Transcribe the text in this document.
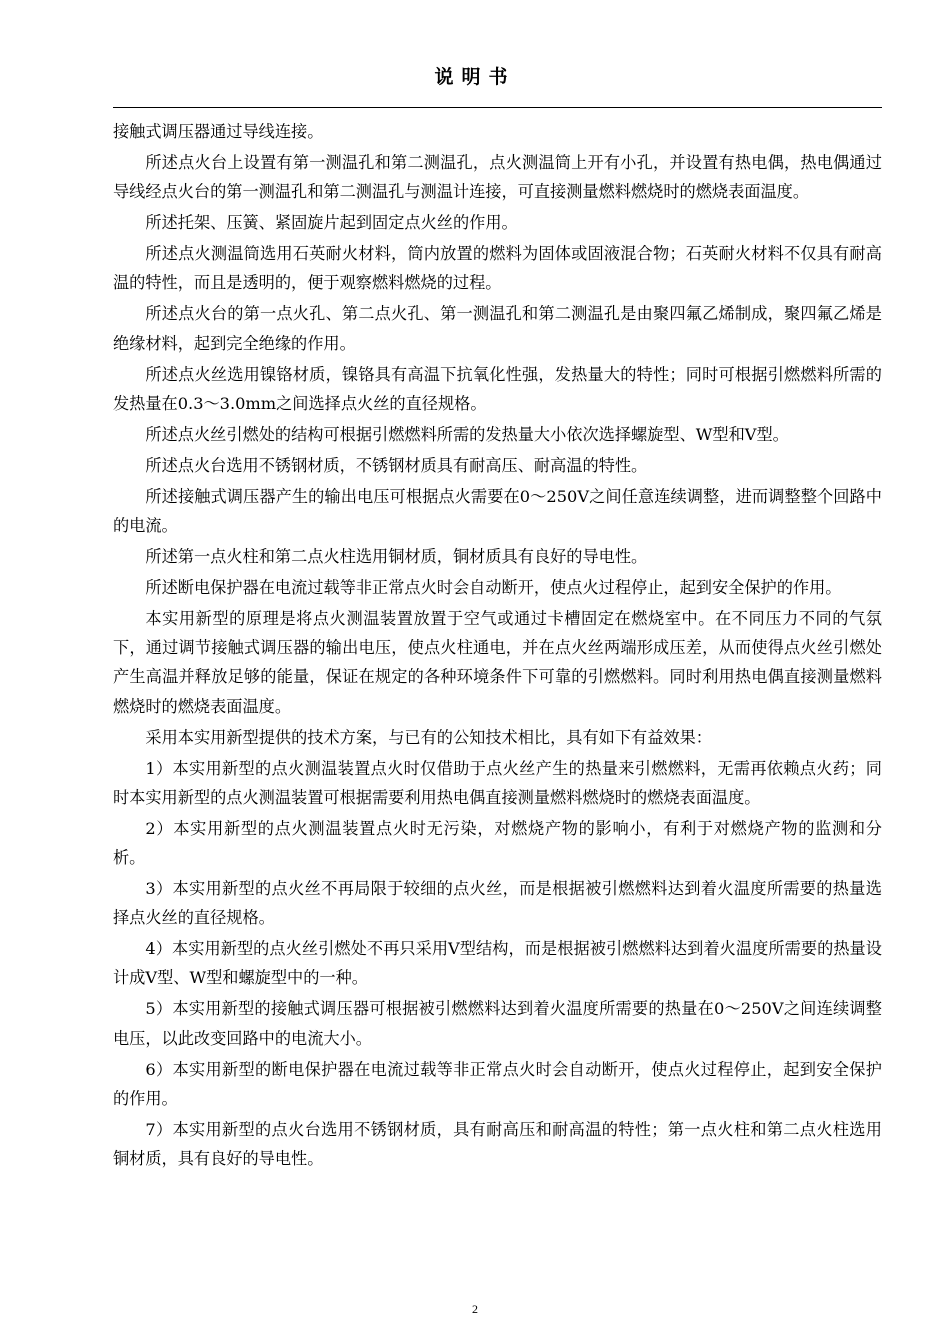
说明书

接触式调压器通过导线连接。

所述点火台上设置有第一测温孔和第二测温孔，点火测温筒上开有小孔，并设置有热电偶，热电偶通过导线经点火台的第一测温孔和第二测温孔与测温计连接，可直接测量燃料燃烧时的燃烧表面温度。

所述托架、压簧、紧固旋片起到固定点火丝的作用。

所述点火测温筒选用石英耐火材料，筒内放置的燃料为固体或固液混合物；石英耐火材料不仅具有耐高温的特性，而且是透明的，便于观察燃料燃烧的过程。

所述点火台的第一点火孔、第二点火孔、第一测温孔和第二测温孔是由聚四氟乙烯制成，聚四氟乙烯是绝缘材料，起到完全绝缘的作用。

所述点火丝选用镍铬材质，镍铬具有高温下抗氧化性强，发热量大的特性；同时可根据引燃燃料所需的发热量在0.3～3.0mm之间选择点火丝的直径规格。

所述点火丝引燃处的结构可根据引燃燃料所需的发热量大小依次选择螺旋型、W型和V型。

所述点火台选用不锈钢材质，不锈钢材质具有耐高压、耐高温的特性。

所述接触式调压器产生的输出电压可根据点火需要在0～250V之间任意连续调整，进而调整整个回路中的电流。

所述第一点火柱和第二点火柱选用铜材质，铜材质具有良好的导电性。

所述断电保护器在电流过载等非正常点火时会自动断开，使点火过程停止，起到安全保护的作用。

本实用新型的原理是将点火测温装置放置于空气或通过卡槽固定在燃烧室中。在不同压力不同的气氛下，通过调节接触式调压器的输出电压，使点火柱通电，并在点火丝两端形成压差，从而使得点火丝引燃处产生高温并释放足够的能量，保证在规定的各种环境条件下可靠的引燃燃料。同时利用热电偶直接测量燃料燃烧时的燃烧表面温度。

采用本实用新型提供的技术方案，与已有的公知技术相比，具有如下有益效果：

1）本实用新型的点火测温装置点火时仅借助于点火丝产生的热量来引燃燃料，无需再依赖点火药；同时本实用新型的点火测温装置可根据需要利用热电偶直接测量燃料燃烧时的燃烧表面温度。

2）本实用新型的点火测温装置点火时无污染，对燃烧产物的影响小，有利于对燃烧产物的监测和分析。

3）本实用新型的点火丝不再局限于较细的点火丝，而是根据被引燃燃料达到着火温度所需要的热量选择点火丝的直径规格。

4）本实用新型的点火丝引燃处不再只采用V型结构，而是根据被引燃燃料达到着火温度所需要的热量设计成V型、W型和螺旋型中的一种。

5）本实用新型的接触式调压器可根据被引燃燃料达到着火温度所需要的热量在0～250V之间连续调整电压，以此改变回路中的电流大小。

6）本实用新型的断电保护器在电流过载等非正常点火时会自动断开，使点火过程停止，起到安全保护的作用。

7）本实用新型的点火台选用不锈钢材质，具有耐高压和耐高温的特性；第一点火柱和第二点火柱选用铜材质，具有良好的导电性。

2
